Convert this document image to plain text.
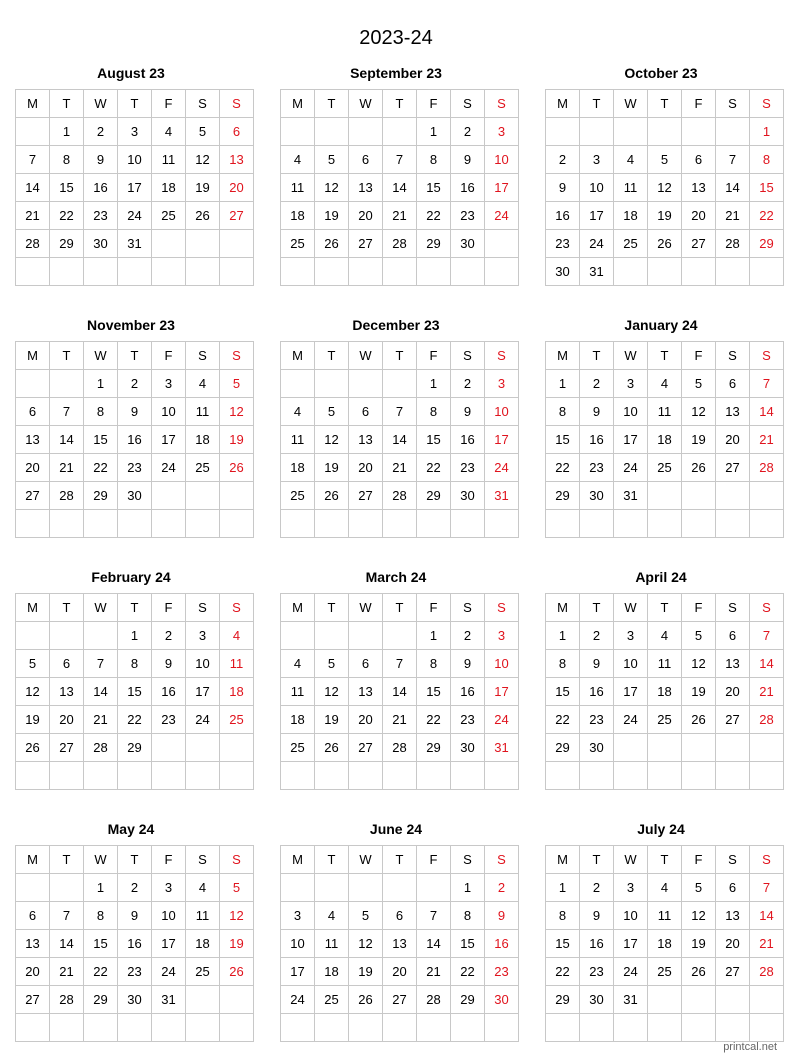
2023-24
August 23
M	T	W	T	F	S	S
	1	2	3	4	5	6
7	8	9	10	11	12	13
14	15	16	17	18	19	20
21	22	23	24	25	26	27
28	29	30	31			

September 23
M	T	W	T	F	S	S
				1	2	3
4	5	6	7	8	9	10
11	12	13	14	15	16	17
18	19	20	21	22	23	24
25	26	27	28	29	30	

October 23
M	T	W	T	F	S	S
						1
2	3	4	5	6	7	8
9	10	11	12	13	14	15
16	17	18	19	20	21	22
23	24	25	26	27	28	29
30	31					
November 23
M	T	W	T	F	S	S
		1	2	3	4	5
6	7	8	9	10	11	12
13	14	15	16	17	18	19
20	21	22	23	24	25	26
27	28	29	30			

December 23
M	T	W	T	F	S	S
				1	2	3
4	5	6	7	8	9	10
11	12	13	14	15	16	17
18	19	20	21	22	23	24
25	26	27	28	29	30	31

January 24
M	T	W	T	F	S	S
1	2	3	4	5	6	7
8	9	10	11	12	13	14
15	16	17	18	19	20	21
22	23	24	25	26	27	28
29	30	31				

February 24
M	T	W	T	F	S	S
			1	2	3	4
5	6	7	8	9	10	11
12	13	14	15	16	17	18
19	20	21	22	23	24	25
26	27	28	29			

March 24
M	T	W	T	F	S	S
				1	2	3
4	5	6	7	8	9	10
11	12	13	14	15	16	17
18	19	20	21	22	23	24
25	26	27	28	29	30	31

April 24
M	T	W	T	F	S	S
1	2	3	4	5	6	7
8	9	10	11	12	13	14
15	16	17	18	19	20	21
22	23	24	25	26	27	28
29	30					

May 24
M	T	W	T	F	S	S
		1	2	3	4	5
6	7	8	9	10	11	12
13	14	15	16	17	18	19
20	21	22	23	24	25	26
27	28	29	30	31		

June 24
M	T	W	T	F	S	S
					1	2
3	4	5	6	7	8	9
10	11	12	13	14	15	16
17	18	19	20	21	22	23
24	25	26	27	28	29	30

July 24
M	T	W	T	F	S	S
1	2	3	4	5	6	7
8	9	10	11	12	13	14
15	16	17	18	19	20	21
22	23	24	25	26	27	28
29	30	31				

printcal.net
